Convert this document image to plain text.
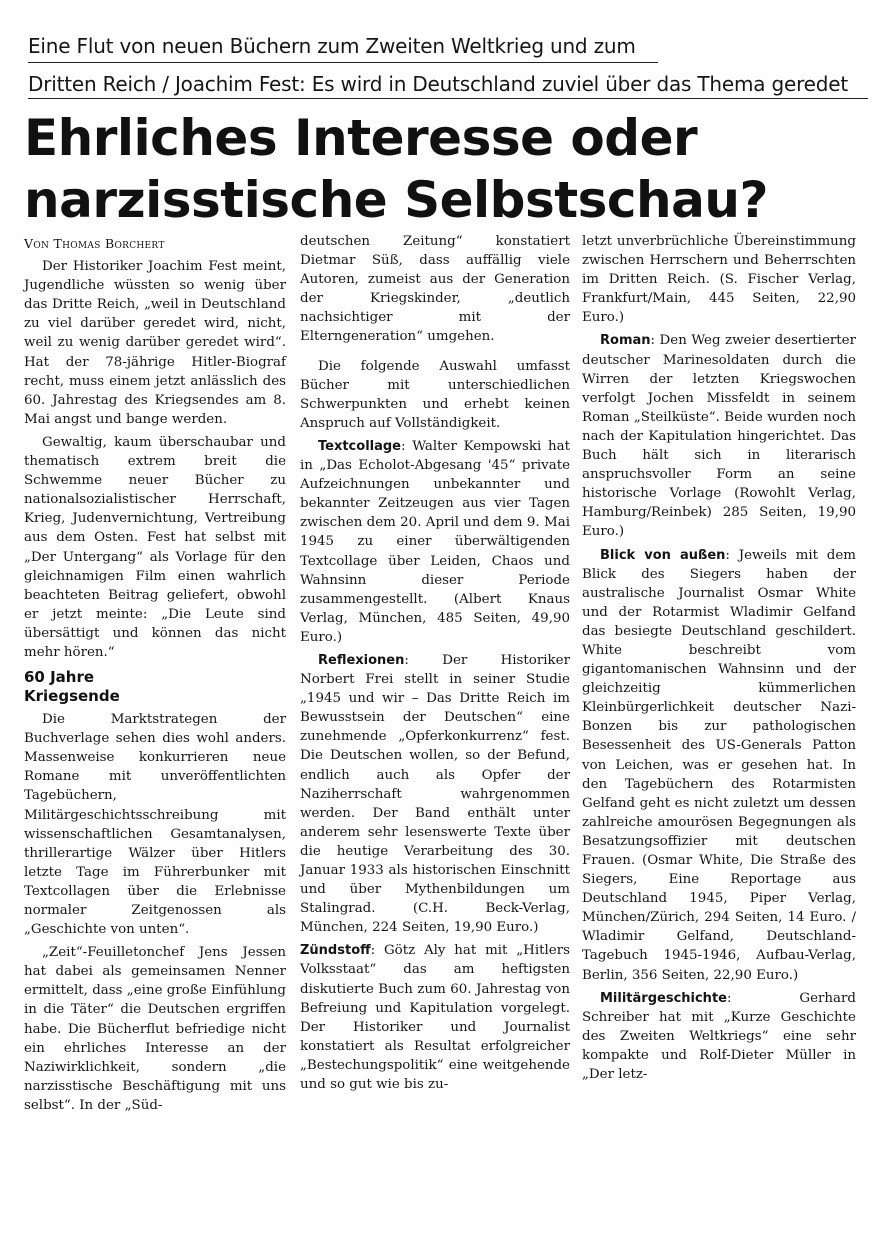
Eine Flut von neuen Büchern zum Zweiten Weltkrieg und zum
Dritten Reich / Joachim Fest: Es wird in Deutschland zuviel über das Thema geredet
Ehrliches Interesse oder
narzisstische Selbstschau?
Von Thomas Borchert

Der Historiker Joachim Fest meint, Jugendliche wüssten so wenig über das Dritte Reich, „weil in Deutschland zu viel darüber geredet wird, nicht, weil zu wenig darüber geredet wird“. Hat der 78-jährige Hitler-Biograf recht, muss einem jetzt anlässlich des 60. Jahrestag des Kriegsendes am 8. Mai angst und bange werden.

Gewaltig, kaum überschaubar und thematisch extrem breit die Schwemme neuer Bücher zu nationalsozialistischer Herrschaft, Krieg, Judenvernichtung, Vertreibung aus dem Osten. Fest hat selbst mit „Der Untergang“ als Vorlage für den gleichnamigen Film einen wahrlich beachteten Beitrag geliefert, obwohl er jetzt meinte: „Die Leute sind übersättigt und können das nicht mehr hören.“

60 Jahre
Kriegsende

Die Marktstrategen der Buchverlage sehen dies wohl anders. Massenweise konkurrieren neue Romane mit unveröffentlichten Tagebüchern, Militärgeschichtsschreibung mit wissenschaftlichen Gesamtanalysen, thrillerartige Wälzer über Hitlers letzte Tage im Führerbunker mit Textcollagen über die Erlebnisse normaler Zeitgenossen als „Geschichte von unten“.

„Zeit“-Feuilletonchef Jens Jessen hat dabei als gemeinsamen Nenner ermittelt, dass „eine große Einfühlung in die Täter“ die Deutschen ergriffen habe. Die Bücherflut befriedige nicht ein ehrliches Interesse an der Naziwirklichkeit, sondern „die narzisstische Beschäftigung mit uns selbst“. In der „Süd-

deutschen Zeitung“ konstatiert Dietmar Süß, dass auffällig viele Autoren, zumeist aus der Generation der Kriegskinder, „deutlich nachsichtiger mit der Elterngeneration“ umgehen.

Die folgende Auswahl umfasst Bücher mit unterschiedlichen Schwerpunkten und erhebt keinen Anspruch auf Vollständigkeit.

Textcollage: Walter Kempowski hat in „Das Echolot-Abgesang '45“ private Aufzeichnungen unbekannter und bekannter Zeitzeugen aus vier Tagen zwischen dem 20. April und dem 9. Mai 1945 zu einer überwältigenden Textcollage über Leiden, Chaos und Wahnsinn dieser Periode zusammengestellt. (Albert Knaus Verlag, München, 485 Seiten, 49,90 Euro.)

Reflexionen: Der Historiker Norbert Frei stellt in seiner Studie „1945 und wir – Das Dritte Reich im Bewusstsein der Deutschen“ eine zunehmende „Opferkonkurrenz“ fest. Die Deutschen wollen, so der Befund, endlich auch als Opfer der Naziherrschaft wahrgenommen werden. Der Band enthält unter anderem sehr lesenswerte Texte über die heutige Verarbeitung des 30. Januar 1933 als historischen Einschnitt und über Mythenbildungen um Stalingrad. (C.H. Beck-Verlag, München, 224 Seiten, 19,90 Euro.)

Zündstoff: Götz Aly hat mit „Hitlers Volksstaat“ das am heftigsten diskutierte Buch zum 60. Jahrestag von Befreiung und Kapitulation vorgelegt. Der Historiker und Journalist konstatiert als Resultat erfolgreicher „Bestechungspolitik“ eine weitgehende und so gut wie bis zu-

letzt unverbrüchliche Übereinstimmung zwischen Herrschern und Beherrschten im Dritten Reich. (S. Fischer Verlag, Frankfurt/Main, 445 Seiten, 22,90 Euro.)

Roman: Den Weg zweier desertierter deutscher Marinesoldaten durch die Wirren der letzten Kriegswochen verfolgt Jochen Missfeldt in seinem Roman „Steilküste“. Beide wurden noch nach der Kapitulation hingerichtet. Das Buch hält sich in literarisch anspruchsvoller Form an seine historische Vorlage (Rowohlt Verlag, Hamburg/Reinbek) 285 Seiten, 19,90 Euro.)

Blick von außen: Jeweils mit dem Blick des Siegers haben der australische Journalist Osmar White und der Rotarmist Wladimir Gelfand das besiegte Deutschland geschildert. White beschreibt vom gigantomanischen Wahnsinn und der gleichzeitig kümmerlichen Kleinbürgerlichkeit deutscher Nazi-Bonzen bis zur pathologischen Besessenheit des US-Generals Patton von Leichen, was er gesehen hat. In den Tagebüchern des Rotarmisten Gelfand geht es nicht zuletzt um dessen zahlreiche amourösen Begegnungen als Besatzungsoffizier mit deutschen Frauen. (Osmar White, Die Straße des Siegers, Eine Reportage aus Deutschland 1945, Piper Verlag, München/Zürich, 294 Seiten, 14 Euro. / Wladimir Gelfand, Deutschland-Tagebuch 1945-1946, Aufbau-Verlag, Berlin, 356 Seiten, 22,90 Euro.)

Militärgeschichte: Gerhard Schreiber hat mit „Kurze Geschichte des Zweiten Weltkriegs“ eine sehr kompakte und Rolf-Dieter Müller in „Der letz-
